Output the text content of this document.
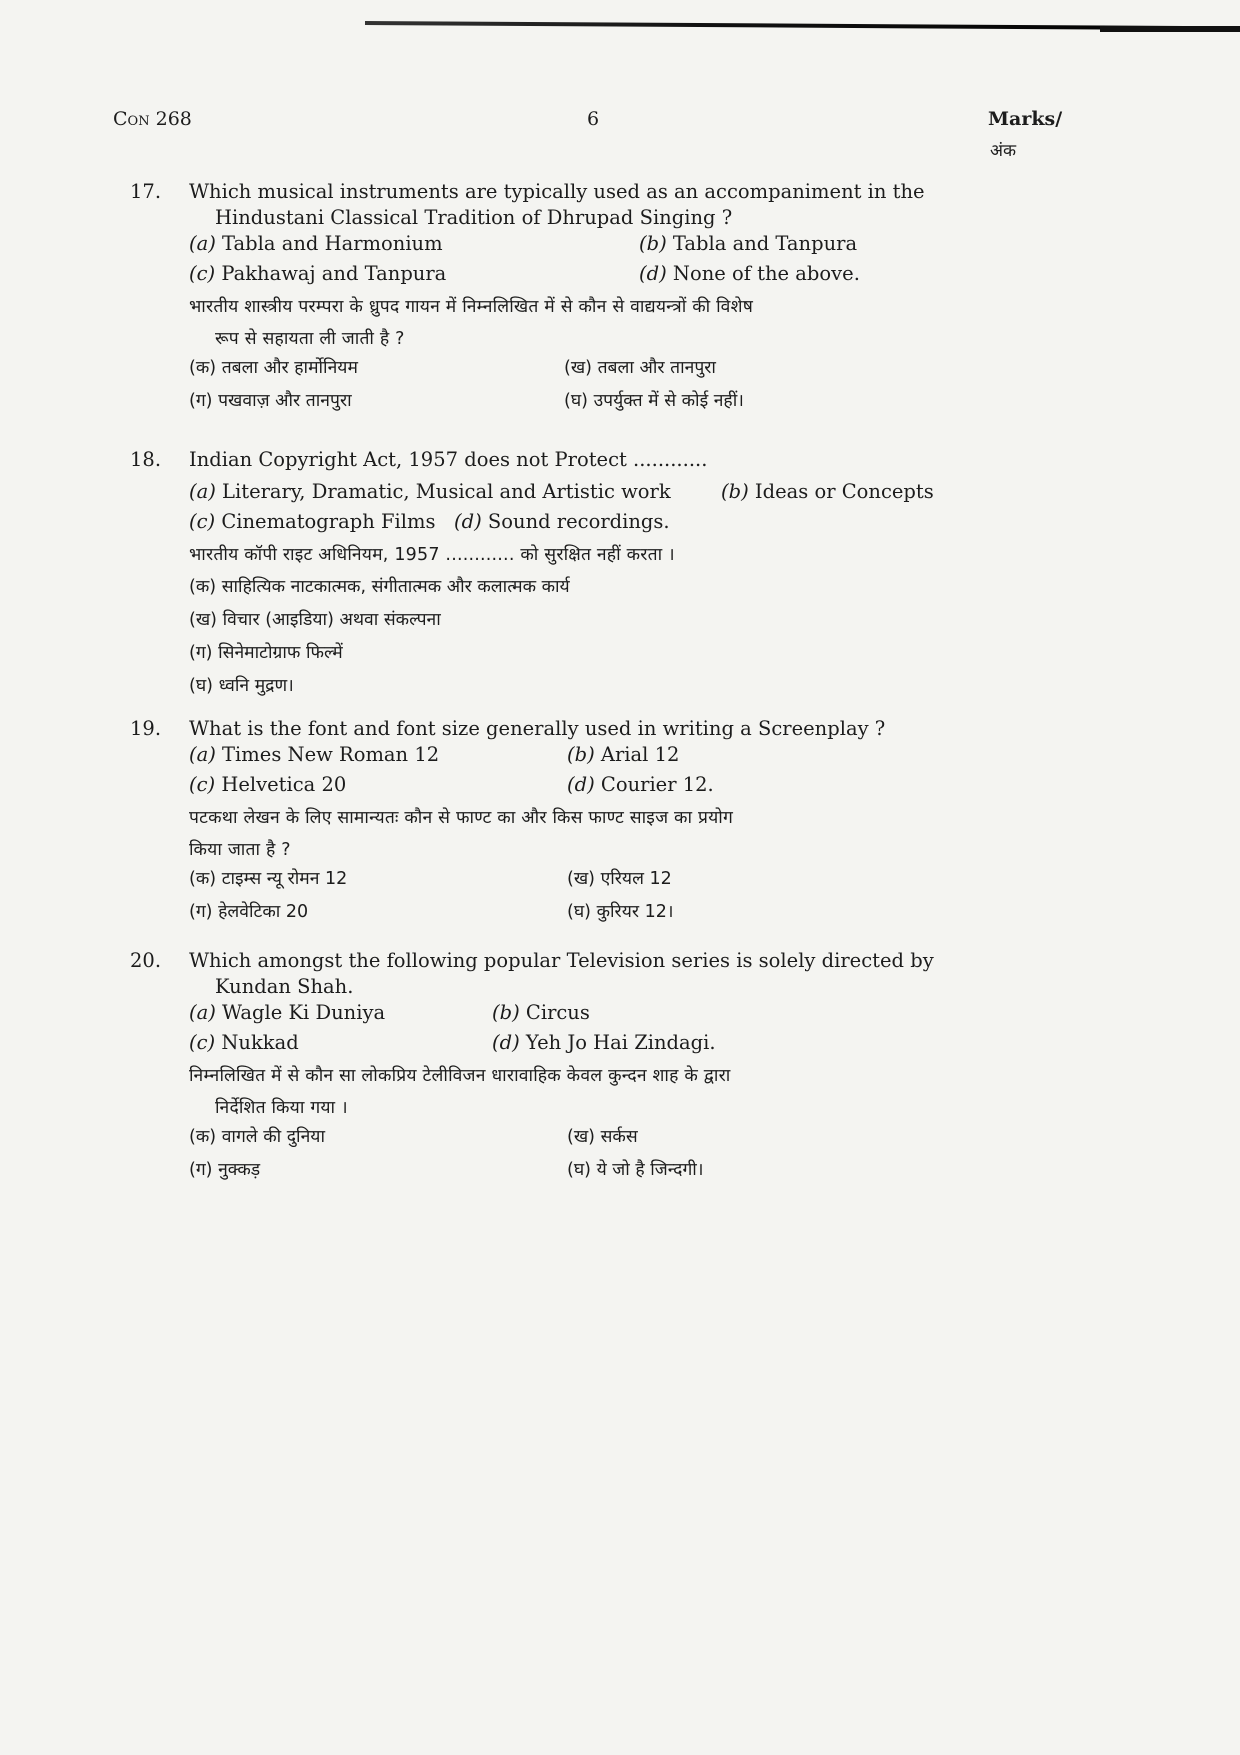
Con 268	6	Marks/
अंक
17.	Which musical instruments are typically used as an accompaniment in the

Hindustani Classical Tradition of Dhrupad Singing ?

(a) Tabla and Harmonium	(b) Tabla and Tanpura
(c) Pakhawaj and Tanpura	(d) None of the above.
भारतीय शास्त्रीय परम्परा के ध्रुपद गायन में निम्नलिखित में से कौन से वाद्ययन्त्रों की विशेष
रूप से सहायता ली जाती है ?
(क) तबला और हार्मोनियम	(ख) तबला और तानपुरा
(ग) पखवाज़ और तानपुरा	(घ) उपर्युक्त में से कोई नहीं।
18.	Indian Copyright Act, 1957 does not Protect ............

(a) Literary, Dramatic, Musical and Artistic work	(b) Ideas or Concepts
(c) Cinematograph Films (d) Sound recordings.
भारतीय कॉपी राइट अधिनियम, 1957 ............ को सुरक्षित नहीं करता ।
(क) साहित्यिक नाटकात्मक, संगीतात्मक और कलात्मक कार्य
(ख) विचार (आइडिया) अथवा संकल्पना
(ग) सिनेमाटोग्राफ फिल्में
(घ) ध्वनि मुद्रण।
19.	What is the font and font size generally used in writing a Screenplay ?

(a) Times New Roman 12	(b) Arial 12
(c) Helvetica 20	(d) Courier 12.
पटकथा लेखन के लिए सामान्यतः कौन से फाण्ट का और किस फाण्ट साइज का प्रयोग
किया जाता है ?
(क) टाइम्स न्यू रोमन 12	(ख) एरियल 12
(ग) हेलवेटिका 20	(घ) कुरियर 12।
20.	Which amongst the following popular Television series is solely directed by

Kundan Shah.

(a) Wagle Ki Duniya	(b) Circus
(c) Nukkad	(d) Yeh Jo Hai Zindagi.
निम्नलिखित में से कौन सा लोकप्रिय टेलीविजन धारावाहिक केवल कुन्दन शाह के द्वारा
निर्देशित किया गया ।
(क) वागले की दुनिया	(ख) सर्कस
(ग) नुक्कड़	(घ) ये जो है जिन्दगी।
